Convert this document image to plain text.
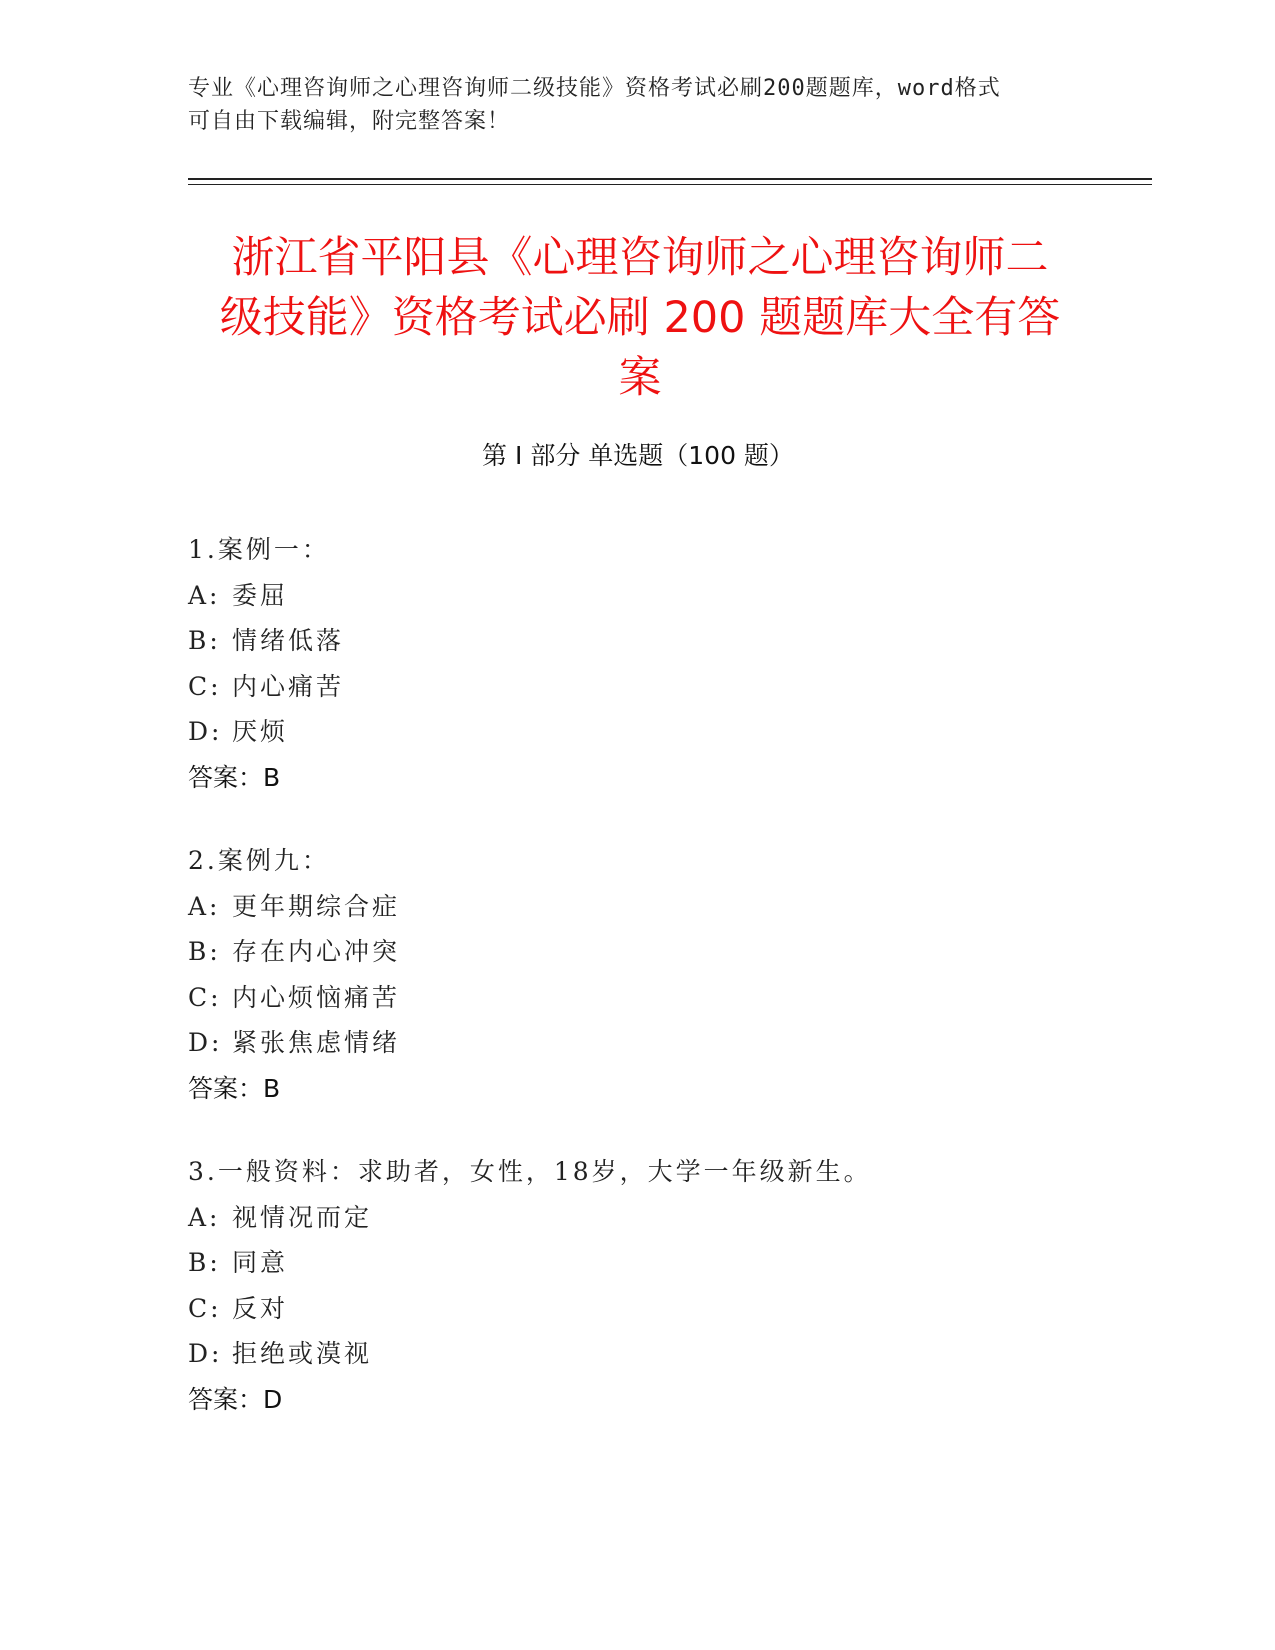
专业《心理咨询师之心理咨询师二级技能》资格考试必刷200题题库，word格式
可自由下载编辑，附完整答案！
浙江省平阳县《心理咨询师之心理咨询师二
级技能》资格考试必刷 200 题题库大全有答
案
第 I 部分 单选题（100 题）
1.案例一：
A: 委屈
B: 情绪低落
C: 内心痛苦
D: 厌烦
答案：B
2.案例九：
A: 更年期综合症
B: 存在内心冲突
C: 内心烦恼痛苦
D: 紧张焦虑情绪
答案：B
3.一般资料：求助者，女性，18岁，大学一年级新生。
A: 视情况而定
B: 同意
C: 反对
D: 拒绝或漠视
答案：D
